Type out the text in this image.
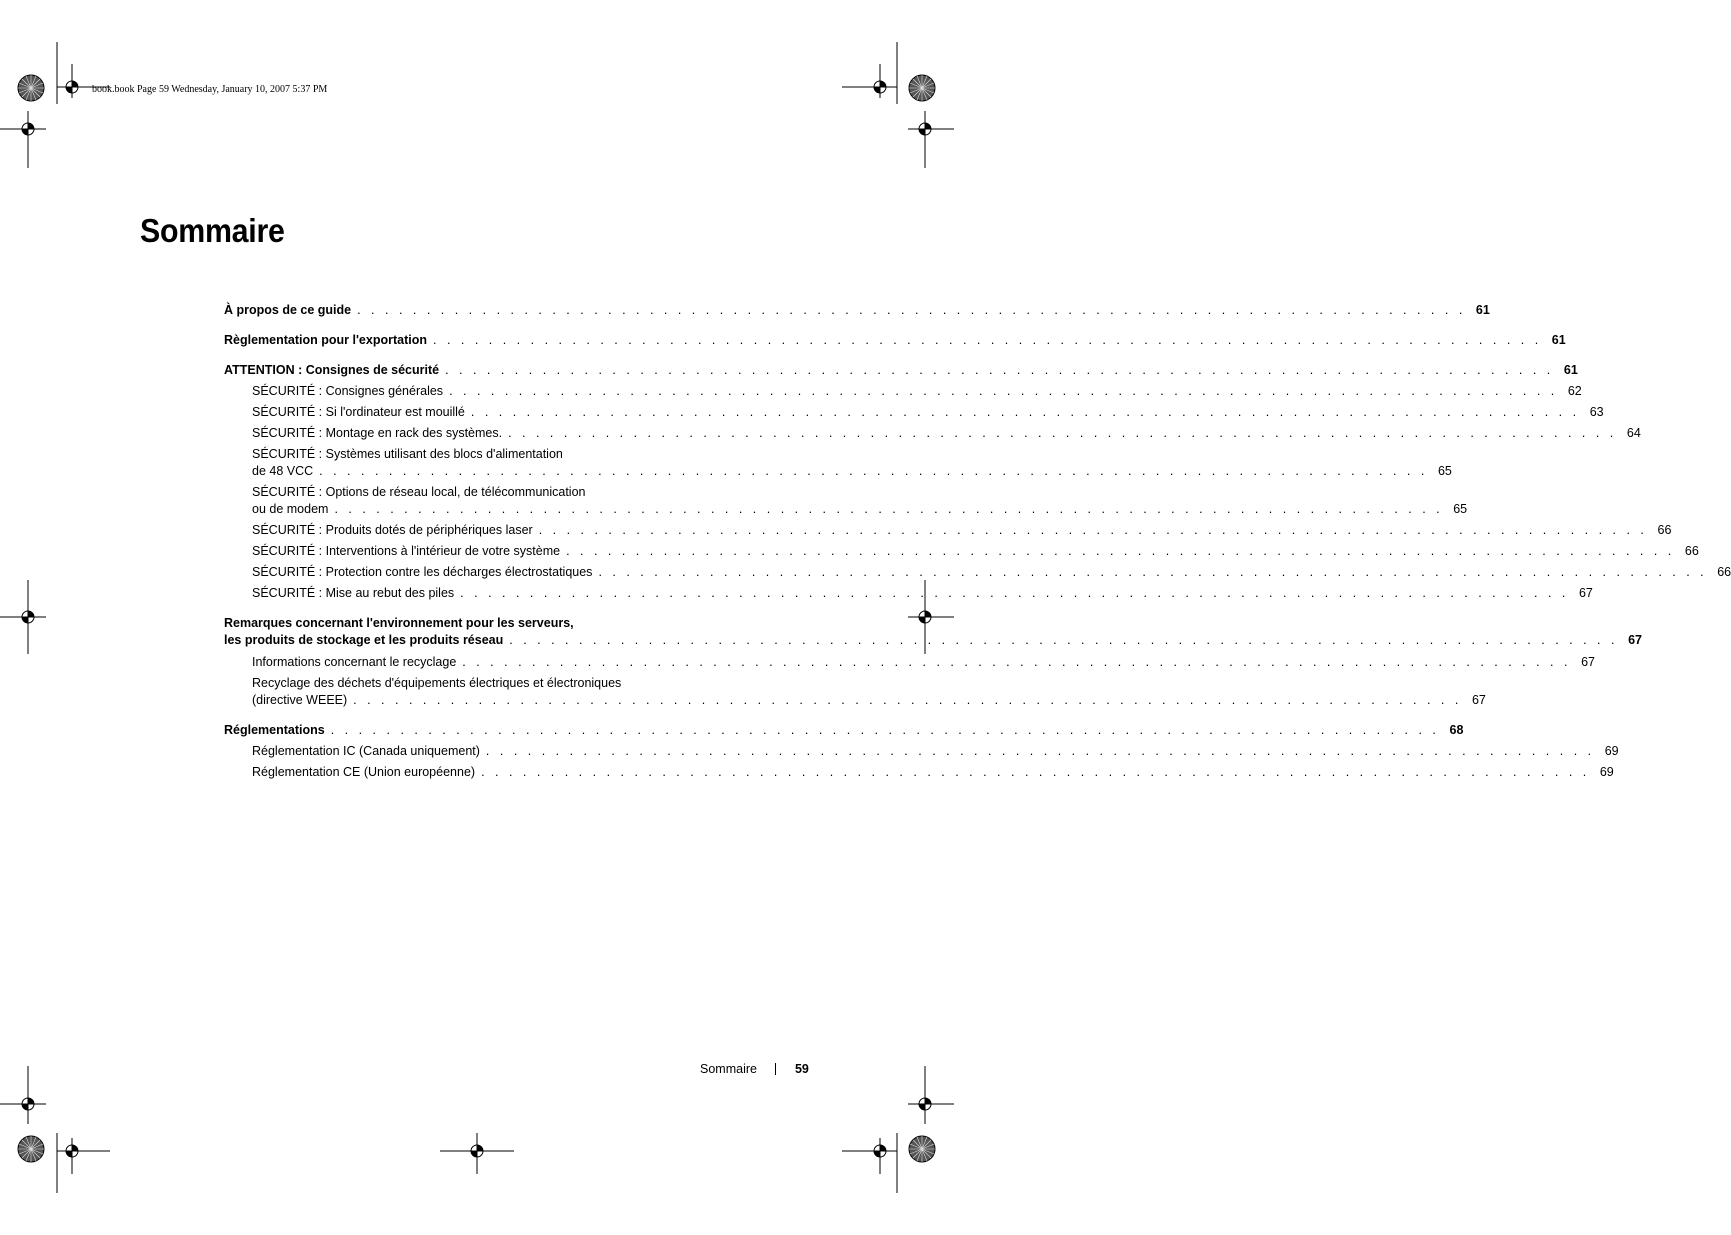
book.book Page 59 Wednesday, January 10, 2007 5:37 PM
Sommaire
À propos de ce guide . . . . . . . . . . . . . . . . . . . . . . . . . . . . . . . . . . . . . . . . . . . . . . . . . . . . . . . . . . . . . . . . . . . . . . . . . . . . . . . . 61
Règlementation pour l'exportation . . . . . . . . . . . . . . . . . . . . . . . . . . . . . . . . . . . . . . . . . . . . . . . . . . . . . . . . . . . . . . . . . . . . . . . . . . . . . . . . 61
ATTENTION : Consignes de sécurité . . . . . . . . . . . . . . . . . . . . . . . . . . . . . . . . . . . . . . . . . . . . . . . . . . . . . . . . . . . . . . . . . . . . . . . . . . . . . . . . 61
SÉCURITÉ : Consignes générales . . . . . . . . . . . . . . . . . . . . . . . . . . . . . . . . . . . . . . . . . . . . . . . . . . . . . . . . . . . . . . . . . . . . . . . . . . . . . . . . 62
SÉCURITÉ : Si l'ordinateur est mouillé . . . . . . . . . . . . . . . . . . . . . . . . . . . . . . . . . . . . . . . . . . . . . . . . . . . . . . . . . . . . . . . . . . . . . . . . . . . . . . . . 63
SÉCURITÉ : Montage en rack des systèmes. . . . . . . . . . . . . . . . . . . . . . . . . . . . . . . . . . . . . . . . . . . . . . . . . . . . . . . . . . . . . . . . . . . . . . . . . . . . . . . . . 64
SÉCURITÉ : Systèmes utilisant des blocs d'alimentation
de 48 VCC . . . . . . . . . . . . . . . . . . . . . . . . . . . . . . . . . . . . . . . . . . . . . . . . . . . . . . . . . . . . . . . . . . . . . . . . . . . . . . . . 65
SÉCURITÉ : Options de réseau local, de télécommunication
ou de modem . . . . . . . . . . . . . . . . . . . . . . . . . . . . . . . . . . . . . . . . . . . . . . . . . . . . . . . . . . . . . . . . . . . . . . . . . . . . . . . . 65
SÉCURITÉ : Produits dotés de périphériques laser . . . . . . . . . . . . . . . . . . . . . . . . . . . . . . . . . . . . . . . . . . . . . . . . . . . . . . . . . . . . . . . . . . . . . . . . . . . . . . . . 66
SÉCURITÉ : Interventions à l'intérieur de votre système . . . . . . . . . . . . . . . . . . . . . . . . . . . . . . . . . . . . . . . . . . . . . . . . . . . . . . . . . . . . . . . . . . . . . . . . . . . . . . . . 66
SÉCURITÉ : Protection contre les décharges électrostatiques . . . . . . . . . . . . . . . . . . . . . . . . . . . . . . . . . . . . . . . . . . . . . . . . . . . . . . . . . . . . . . . . . . . . . . . . . . . . . . . . 66
SÉCURITÉ : Mise au rebut des piles . . . . . . . . . . . . . . . . . . . . . . . . . . . . . . . . . . . . . . . . . . . . . . . . . . . . . . . . . . . . . . . . . . . . . . . . . . . . . . . . 67
Remarques concernant l'environnement pour les serveurs,
les produits de stockage et les produits réseau . . . . . . . . . . . . . . . . . . . . . . . . . . . . . . . . . . . . . . . . . . . . . . . . . . . . . . . . . . . . . . . . . . . . . . . . . . . . . . . . 67
Informations concernant le recyclage . . . . . . . . . . . . . . . . . . . . . . . . . . . . . . . . . . . . . . . . . . . . . . . . . . . . . . . . . . . . . . . . . . . . . . . . . . . . . . . . 67
Recyclage des déchets d'équipements électriques et électroniques
(directive WEEE) . . . . . . . . . . . . . . . . . . . . . . . . . . . . . . . . . . . . . . . . . . . . . . . . . . . . . . . . . . . . . . . . . . . . . . . . . . . . . . . . 67
Réglementations . . . . . . . . . . . . . . . . . . . . . . . . . . . . . . . . . . . . . . . . . . . . . . . . . . . . . . . . . . . . . . . . . . . . . . . . . . . . . . . . 68
Réglementation IC (Canada uniquement) . . . . . . . . . . . . . . . . . . . . . . . . . . . . . . . . . . . . . . . . . . . . . . . . . . . . . . . . . . . . . . . . . . . . . . . . . . . . . . . . 69
Réglementation CE (Union européenne) . . . . . . . . . . . . . . . . . . . . . . . . . . . . . . . . . . . . . . . . . . . . . . . . . . . . . . . . . . . . . . . . . . . . . . . . . . . . . . . . 69
Sommaire	59
